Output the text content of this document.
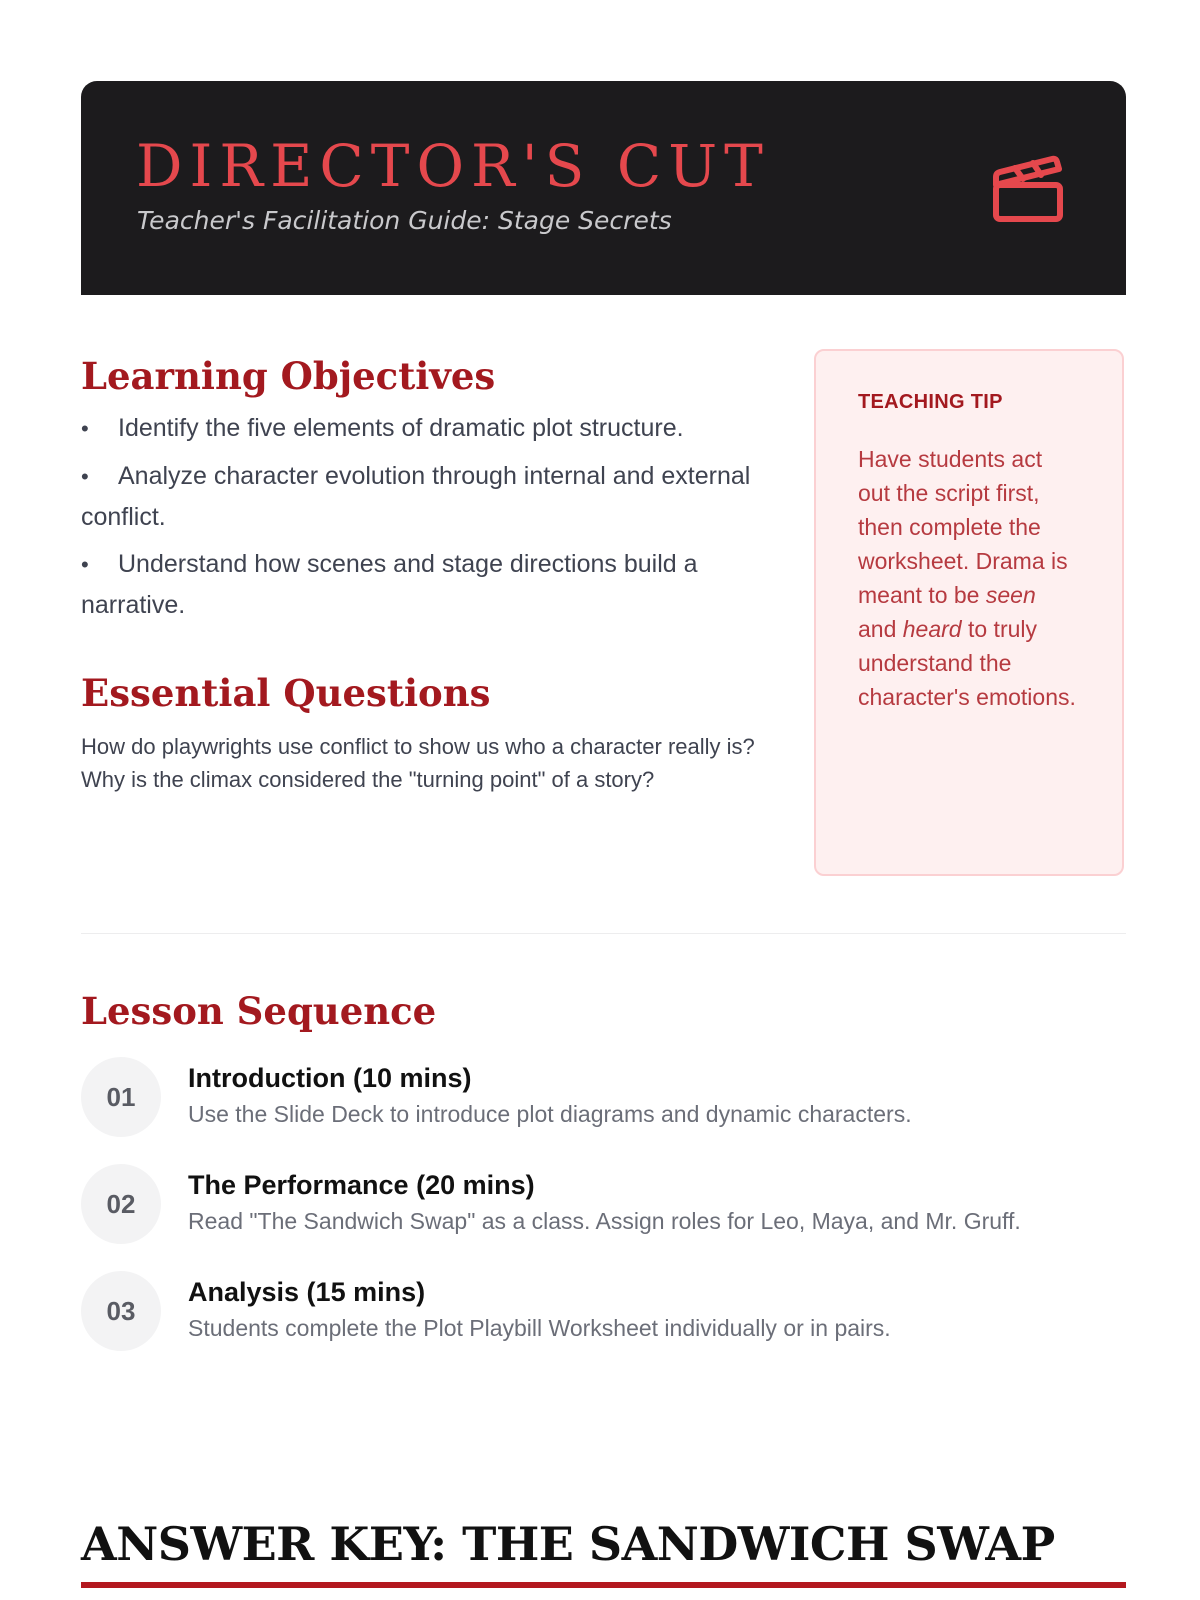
DIRECTOR'S CUT
Teacher's Facilitation Guide: Stage Secrets
Learning Objectives
• Identify the five elements of dramatic plot structure.
• Analyze character evolution through internal and external conflict.
• Understand how scenes and stage directions build a narrative.
Essential Questions
How do playwrights use conflict to show us who a character really is? Why is the climax considered the "turning point" of a story?

TEACHING TIP

Have students act out the script first, then complete the worksheet. Drama is meant to be seen and heard to truly understand the character's emotions.
Lesson Sequence
01
Introduction (10 mins)
Use the Slide Deck to introduce plot diagrams and dynamic characters.
02
The Performance (20 mins)
Read "The Sandwich Swap" as a class. Assign roles for Leo, Maya, and Mr. Gruff.
03
Analysis (15 mins)
Students complete the Plot Playbill Worksheet individually or in pairs.
ANSWER KEY: THE SANDWICH SWAP
